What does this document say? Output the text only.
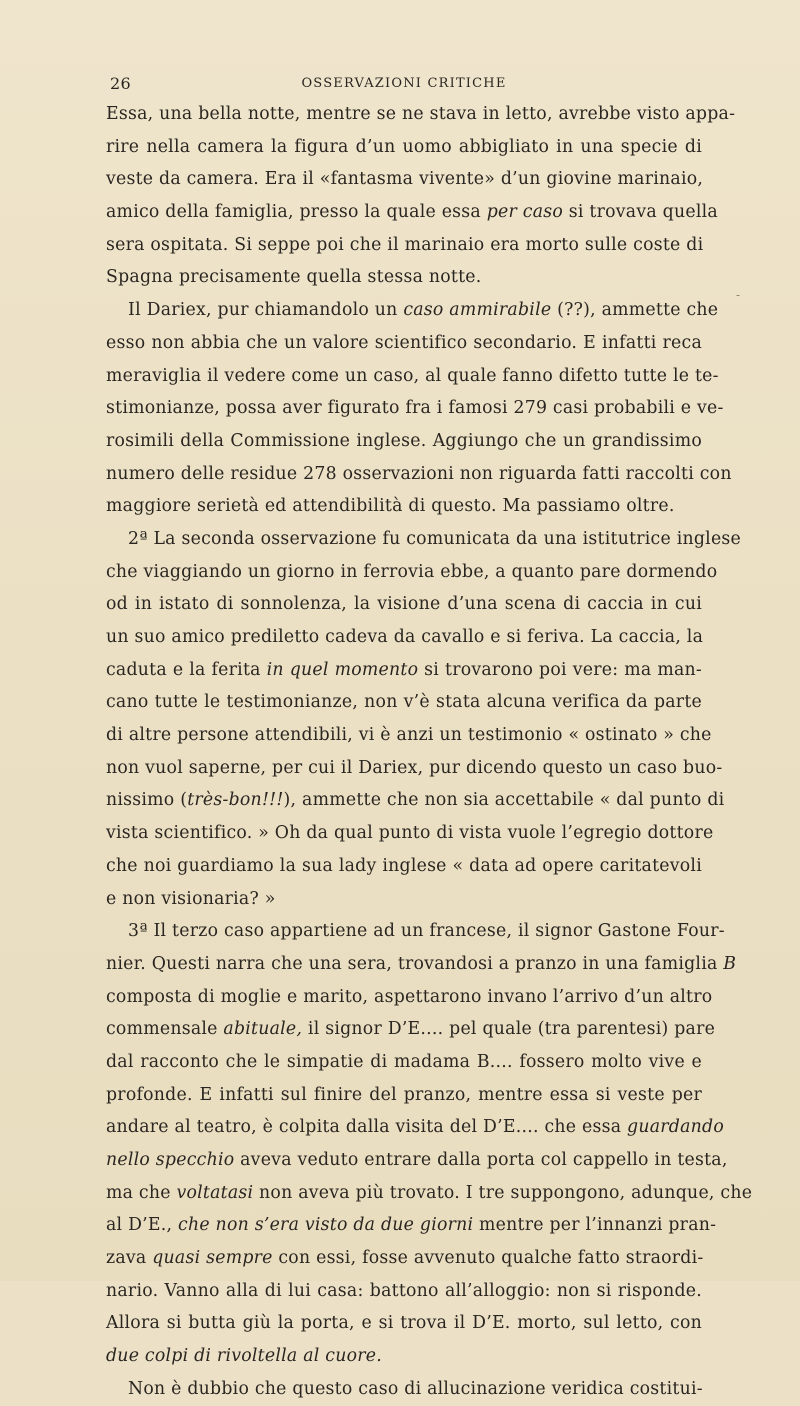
26	OSSERVAZIONI CRITICHE
Essa, una bella notte, mentre se ne stava in letto, avrebbe visto appa-
rire nella camera la figura d’un uomo abbigliato in una specie di
veste da camera. Era il «fantasma vivente» d’un giovine marinaio,
amico della famiglia, presso la quale essa per caso si trovava quella
sera ospitata. Si seppe poi che il marinaio era morto sulle coste di
Spagna precisamente quella stessa notte.
Il Dariex, pur chiamandolo un caso ammirabile (??), ammette che
esso non abbia che un valore scientifico secondario. E infatti reca
meraviglia il vedere come un caso, al quale fanno difetto tutte le te-
stimonianze, possa aver figurato fra i famosi 279 casi probabili e ve-
rosimili della Commissione inglese. Aggiungo che un grandissimo
numero delle residue 278 osservazioni non riguarda fatti raccolti con
maggiore serietà ed attendibilità di questo. Ma passiamo oltre.
2ª La seconda osservazione fu comunicata da una istitutrice inglese
che viaggiando un giorno in ferrovia ebbe, a quanto pare dormendo
od in istato di sonnolenza, la visione d’una scena di caccia in cui
un suo amico prediletto cadeva da cavallo e si feriva. La caccia, la
caduta e la ferita in quel momento si trovarono poi vere: ma man-
cano tutte le testimonianze, non v’è stata alcuna verifica da parte
di altre persone attendibili, vi è anzi un testimonio « ostinato » che
non vuol saperne, per cui il Dariex, pur dicendo questo un caso buo-
nissimo (très-bon!!!), ammette che non sia accettabile « dal punto di
vista scientifico. » Oh da qual punto di vista vuole l’egregio dottore
che noi guardiamo la sua lady inglese « data ad opere caritatevoli
e non visionaria? »
3ª Il terzo caso appartiene ad un francese, il signor Gastone Four-
nier. Questi narra che una sera, trovandosi a pranzo in una famiglia B
composta di moglie e marito, aspettarono invano l’arrivo d’un altro
commensale abituale, il signor D’E.... pel quale (tra parentesi) pare
dal racconto che le simpatie di madama B.... fossero molto vive e
profonde. E infatti sul finire del pranzo, mentre essa si veste per
andare al teatro, è colpita dalla visita del D’E.... che essa guardando
nello specchio aveva veduto entrare dalla porta col cappello in testa,
ma che voltatasi non aveva più trovato. I tre suppongono, adunque, che
al D’E., che non s’era visto da due giorni mentre per l’innanzi pran-
zava quasi sempre con essi, fosse avvenuto qualche fatto straordi-
nario. Vanno alla di lui casa: battono all’alloggio: non si risponde.
Allora si butta giù la porta, e si trova il D’E. morto, sul letto, con
due colpi di rivoltella al cuore.
Non è dubbio che questo caso di allucinazione veridica costitui-
-
